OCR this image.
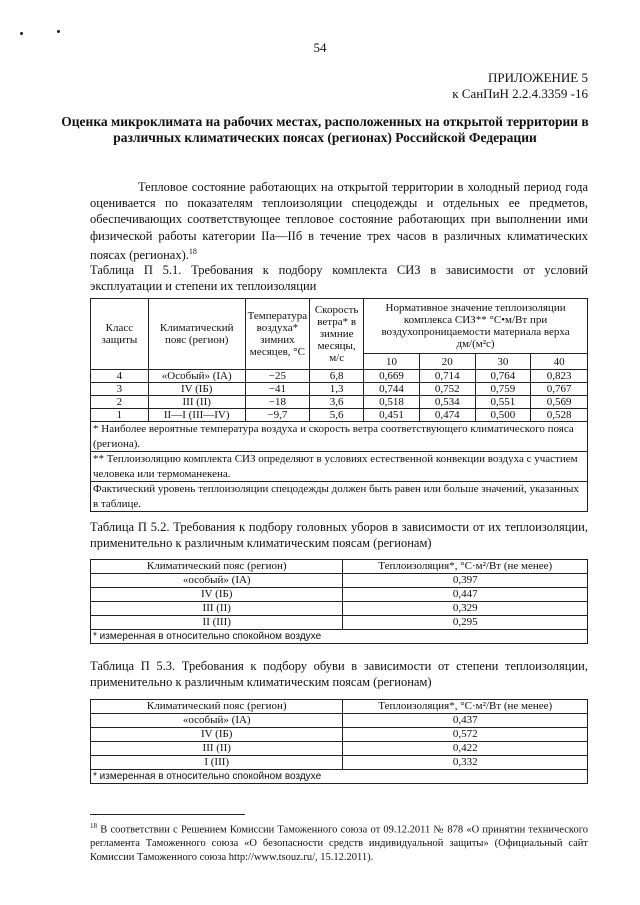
54
ПРИЛОЖЕНИЕ 5
к СанПиН 2.2.4.3359 -16
Оценка микроклимата на рабочих местах, расположенных на открытой территории в различных климатических поясах (регионах) Российской Федерации
Тепловое состояние работающих на открытой территории в холодный период года оценивается по показателям теплоизоляции спецодежды и отдельных ее предметов, обеспечивающих соответствующее тепловое состояние работающих при выполнении ими физической работы категории IIa—IIб в течение трех часов в различных климатических поясах (регионах).$^{18}$
Таблица П 5.1. Требования к подбору комплекта СИЗ в зависимости от условий эксплуатации и степени их теплоизоляции
Класс защиты	Климатический пояс (регион)	Температура воздуха* зимних месяцев, °С	Скорость ветра* в зимние месяцы, м/с	Нормативное значение теплоизоляции комплекса СИЗ** °С•м/Вт при воздухопроницаемости материала верха дм/(м²с)			
				10	20	30	40
4	«Особый» (IA)	−25	6,8	0,669	0,714	0,764	0,823
3	IV (IБ)	−41	1,3	0,744	0,752	0,759	0,767
2	III (II)	−18	3,6	0,518	0,534	0,551	0,569
1	II—I (III—IV)	−9,7	5,6	0,451	0,474	0,500	0,528
* Наиболее вероятные температура воздуха и скорость ветра соответствующего климатического пояса (региона).							
** Теплоизоляцию комплекта СИЗ определяют в условиях естественной конвекции воздуха с участием человека или термоманекена.							
Фактический уровень теплоизоляции спецодежды должен быть равен или больше значений, указанных в таблице.							
Таблица П 5.2. Требования к подбору головных уборов в зависимости от их теплоизоляции, применительно к различным климатическим поясам (регионам)
Климатический пояс (регион)	Теплоизоляция*, °С·м²/Вт (не менее)
«особый» (IA)	0,397
IV (IБ)	0,447
III (II)	0,329
II (III)	0,295
* измеренная в относительно спокойном воздухе	
Таблица П 5.3. Требования к подбору обуви в зависимости от степени теплоизоляции, применительно к различным климатическим поясам (регионам)
Климатический пояс (регион)	Теплоизоляция*, °С·м²/Вт (не менее)
«особый» (IA)	0,437
IV (IБ)	0,572
III (II)	0,422
I (III)	0,332
* измеренная в относительно спокойном воздухе	
$^{18}$ В соответствии с Решением Комиссии Таможенного союза от 09.12.2011 № 878 «О принятии технического регламента Таможенного союза «О безопасности средств индивидуальной защиты» (Официальный сайт Комиссии Таможенного союза http://www.tsouz.ru/, 15.12.2011).
